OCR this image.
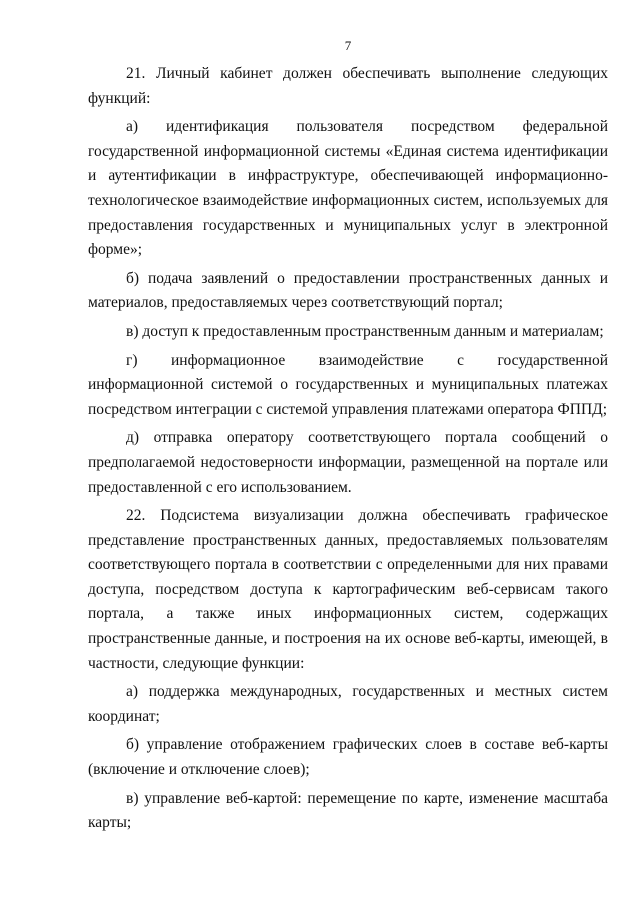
7

21. Личный кабинет должен обеспечивать выполнение следующих функций:

а) идентификация пользователя посредством федеральной государственной информационной системы «Единая система идентификации и аутентификации в инфраструктуре, обеспечивающей информационно-технологическое взаимодействие информационных систем, используемых для предоставления государственных и муниципальных услуг в электронной форме»;

б) подача заявлений о предоставлении пространственных данных и материалов, предоставляемых через соответствующий портал;

в) доступ к предоставленным пространственным данным и материалам;

г) информационное взаимодействие с государственной информационной системой о государственных и муниципальных платежах посредством интеграции с системой управления платежами оператора ФППД;

д) отправка оператору соответствующего портала сообщений о предполагаемой недостоверности информации, размещенной на портале или предоставленной с его использованием.

22. Подсистема визуализации должна обеспечивать графическое представление пространственных данных, предоставляемых пользователям соответствующего портала в соответствии с определенными для них правами доступа, посредством доступа к картографическим веб-сервисам такого портала, а также иных информационных систем, содержащих пространственные данные, и построения на их основе веб-карты, имеющей, в частности, следующие функции:

а) поддержка международных, государственных и местных систем координат;

б) управление отображением графических слоев в составе веб-карты (включение и отключение слоев);

в) управление веб-картой: перемещение по карте, изменение масштаба карты;
